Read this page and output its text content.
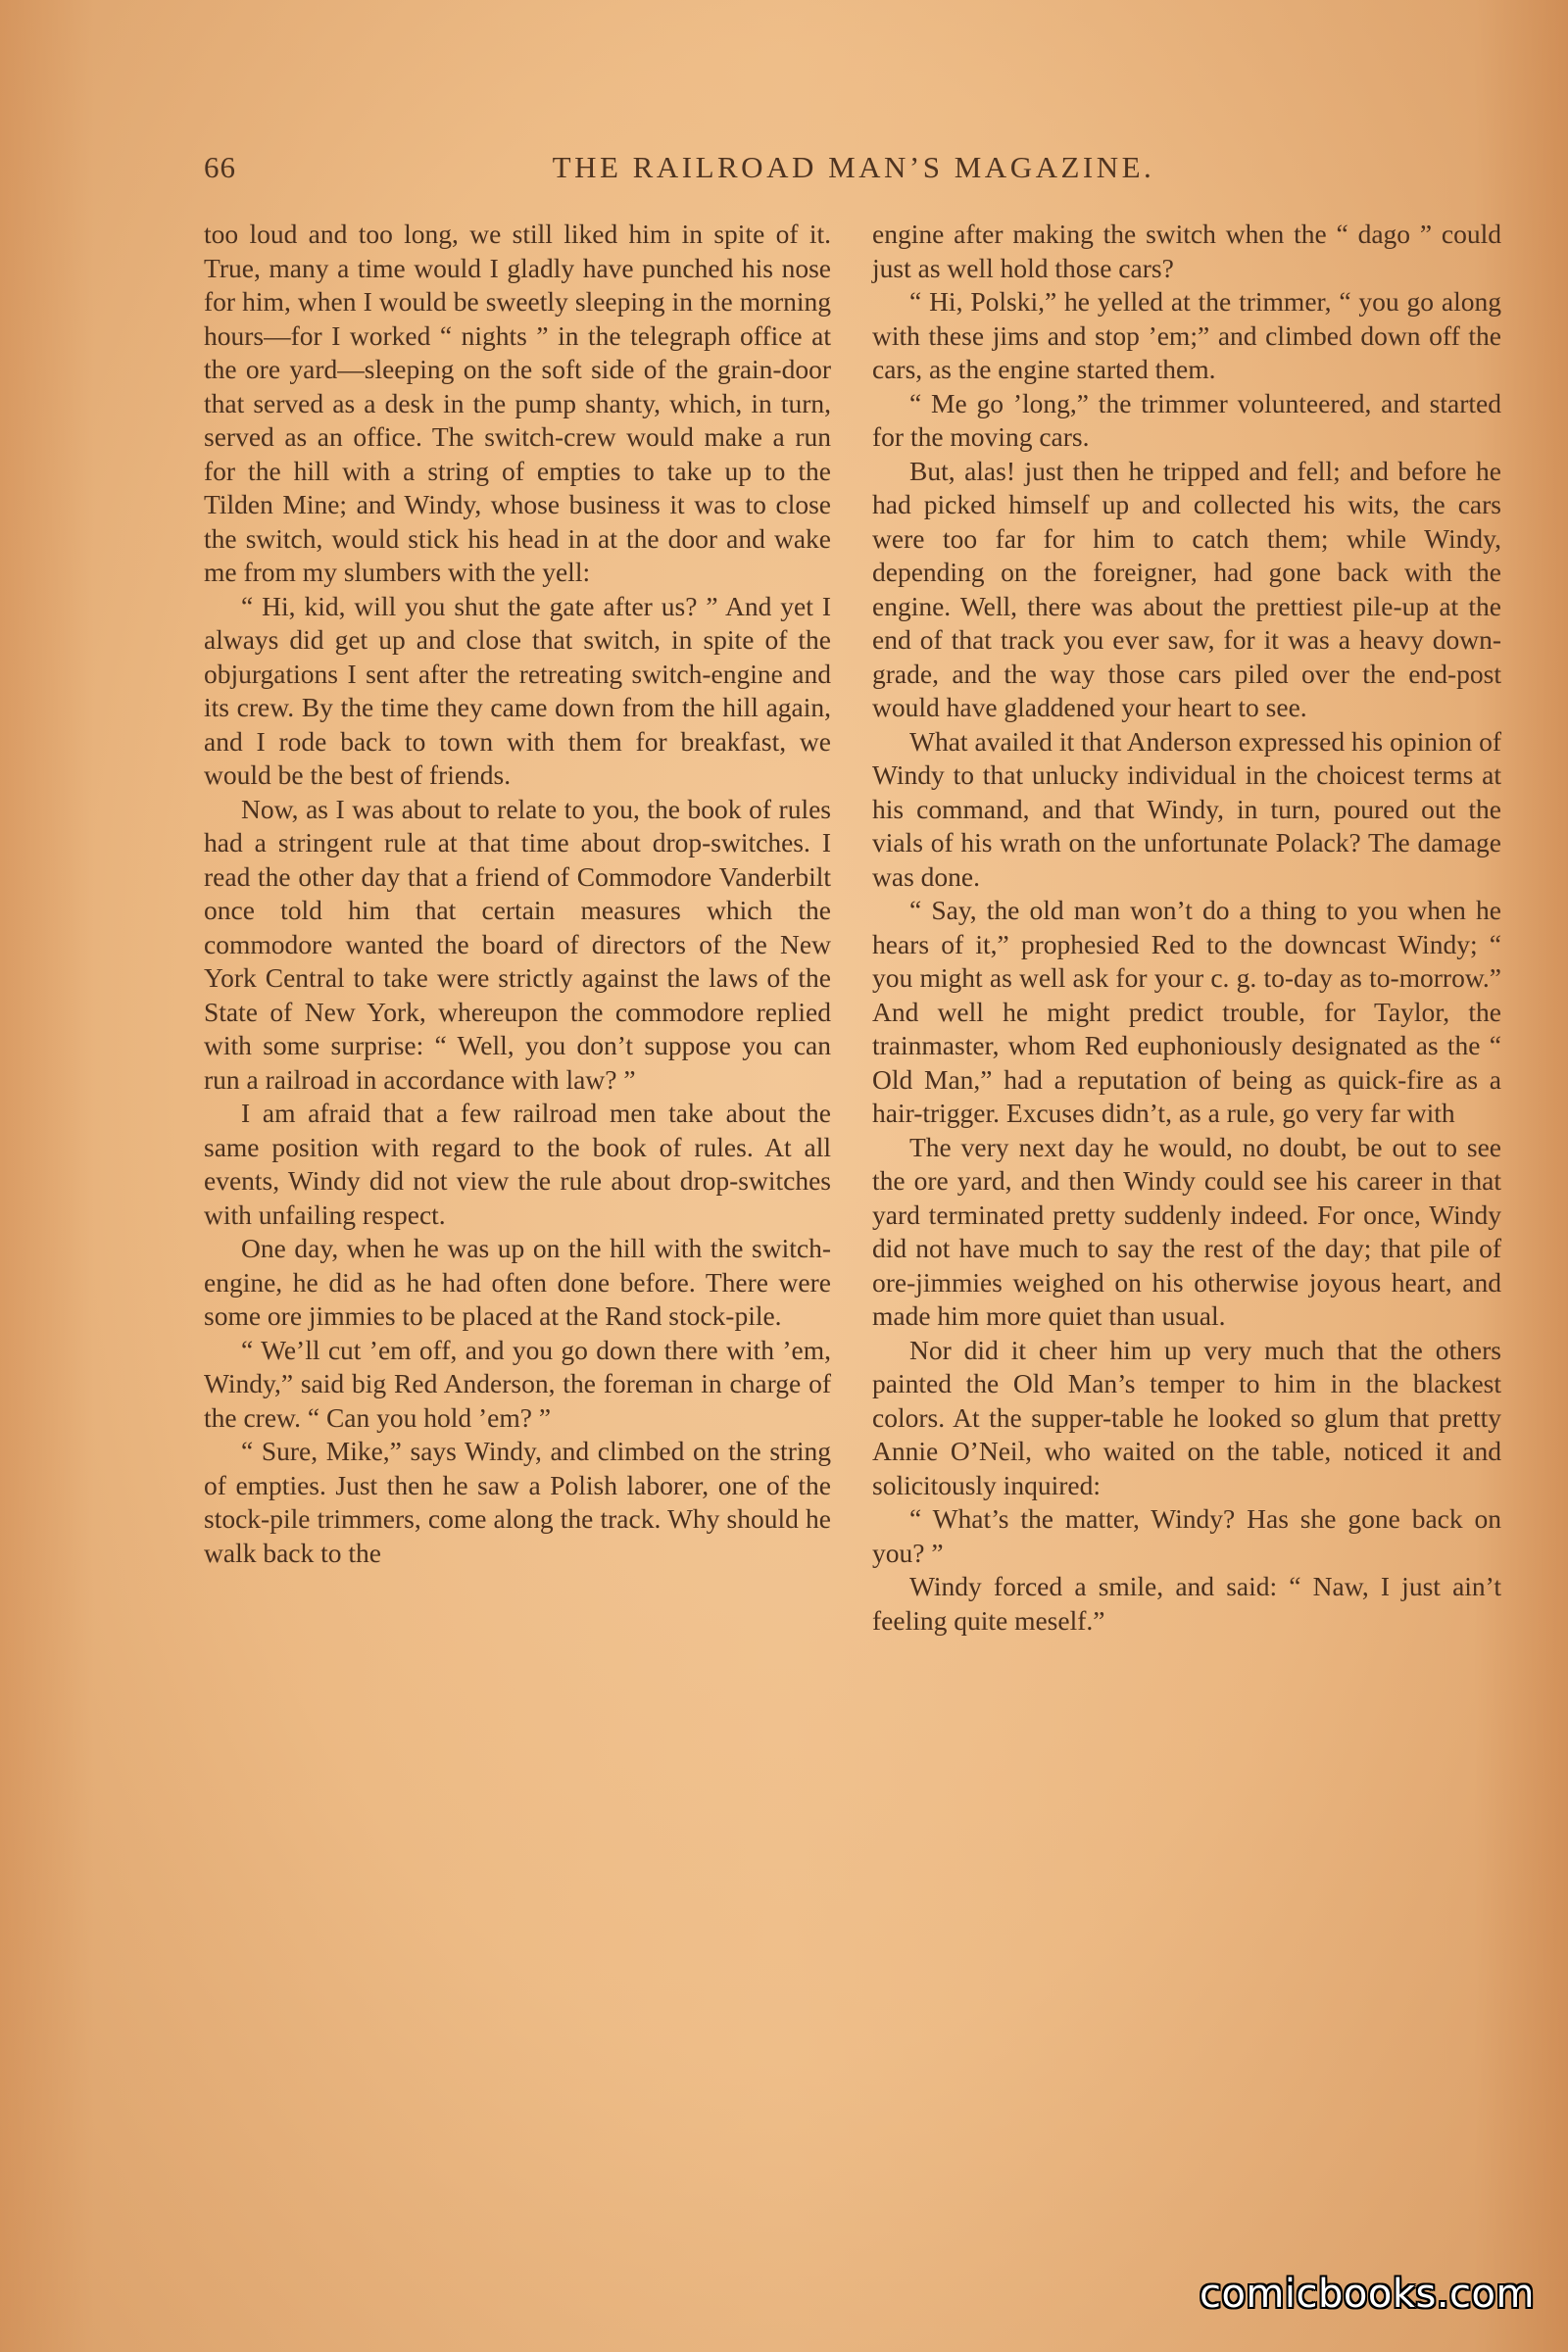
66	THE RAILROAD MAN’S MAGAZINE.

too loud and too long, we still liked him in spite of it. True, many a time would I gladly have punched his nose for him, when I would be sweetly sleeping in the morning hours—for I worked “ nights ” in the telegraph office at the ore yard—sleeping on the soft side of the grain-door that served as a desk in the pump shanty, which, in turn, served as an office. The switch-crew would make a run for the hill with a string of empties to take up to the Tilden Mine; and Windy, whose business it was to close the switch, would stick his head in at the door and wake me from my slumbers with the yell:

“ Hi, kid, will you shut the gate after us? ” And yet I always did get up and close that switch, in spite of the objurgations I sent after the retreating switch-engine and its crew. By the time they came down from the hill again, and I rode back to town with them for breakfast, we would be the best of friends.

Now, as I was about to relate to you, the book of rules had a stringent rule at that time about drop-switches. I read the other day that a friend of Commodore Vanderbilt once told him that certain measures which the commodore wanted the board of directors of the New York Central to take were strictly against the laws of the State of New York, whereupon the commodore replied with some surprise: “ Well, you don’t suppose you can run a railroad in accordance with law? ”

I am afraid that a few railroad men take about the same position with regard to the book of rules. At all events, Windy did not view the rule about drop-switches with unfailing respect.

One day, when he was up on the hill with the switch-engine, he did as he had often done before. There were some ore jimmies to be placed at the Rand stock-pile.

“ We’ll cut ’em off, and you go down there with ’em, Windy,” said big Red Anderson, the foreman in charge of the crew. “ Can you hold ’em? ”

“ Sure, Mike,” says Windy, and climbed on the string of empties. Just then he saw a Polish laborer, one of the stock-pile trimmers, come along the track. Why should he walk back to the

engine after making the switch when the “ dago ” could just as well hold those cars?

“ Hi, Polski,” he yelled at the trimmer, “ you go along with these jims and stop ’em;” and climbed down off the cars, as the engine started them.

“ Me go ’long,” the trimmer volunteered, and started for the moving cars.

But, alas! just then he tripped and fell; and before he had picked himself up and collected his wits, the cars were too far for him to catch them; while Windy, depending on the foreigner, had gone back with the engine. Well, there was about the prettiest pile-up at the end of that track you ever saw, for it was a heavy down-grade, and the way those cars piled over the end-post would have gladdened your heart to see.

What availed it that Anderson expressed his opinion of Windy to that unlucky individual in the choicest terms at his command, and that Windy, in turn, poured out the vials of his wrath on the unfortunate Polack? The damage was done.

“ Say, the old man won’t do a thing to you when he hears of it,” prophesied Red to the downcast Windy; “ you might as well ask for your c. g. to-day as to-morrow.” And well he might predict trouble, for Taylor, the trainmaster, whom Red euphoniously designated as the “ Old Man,” had a reputation of being as quick-fire as a hair-trigger. Excuses didn’t, as a rule, go very far with

The very next day he would, no doubt, be out to see the ore yard, and then Windy could see his career in that yard terminated pretty suddenly indeed. For once, Windy did not have much to say the rest of the day; that pile of ore-jimmies weighed on his otherwise joyous heart, and made him more quiet than usual.

Nor did it cheer him up very much that the others painted the Old Man’s temper to him in the blackest colors. At the supper-table he looked so glum that pretty Annie O’Neil, who waited on the table, noticed it and solicitously inquired:

“ What’s the matter, Windy? Has she gone back on you? ”

Windy forced a smile, and said: “ Naw, I just ain’t feeling quite meself.”

comicbooks.com
